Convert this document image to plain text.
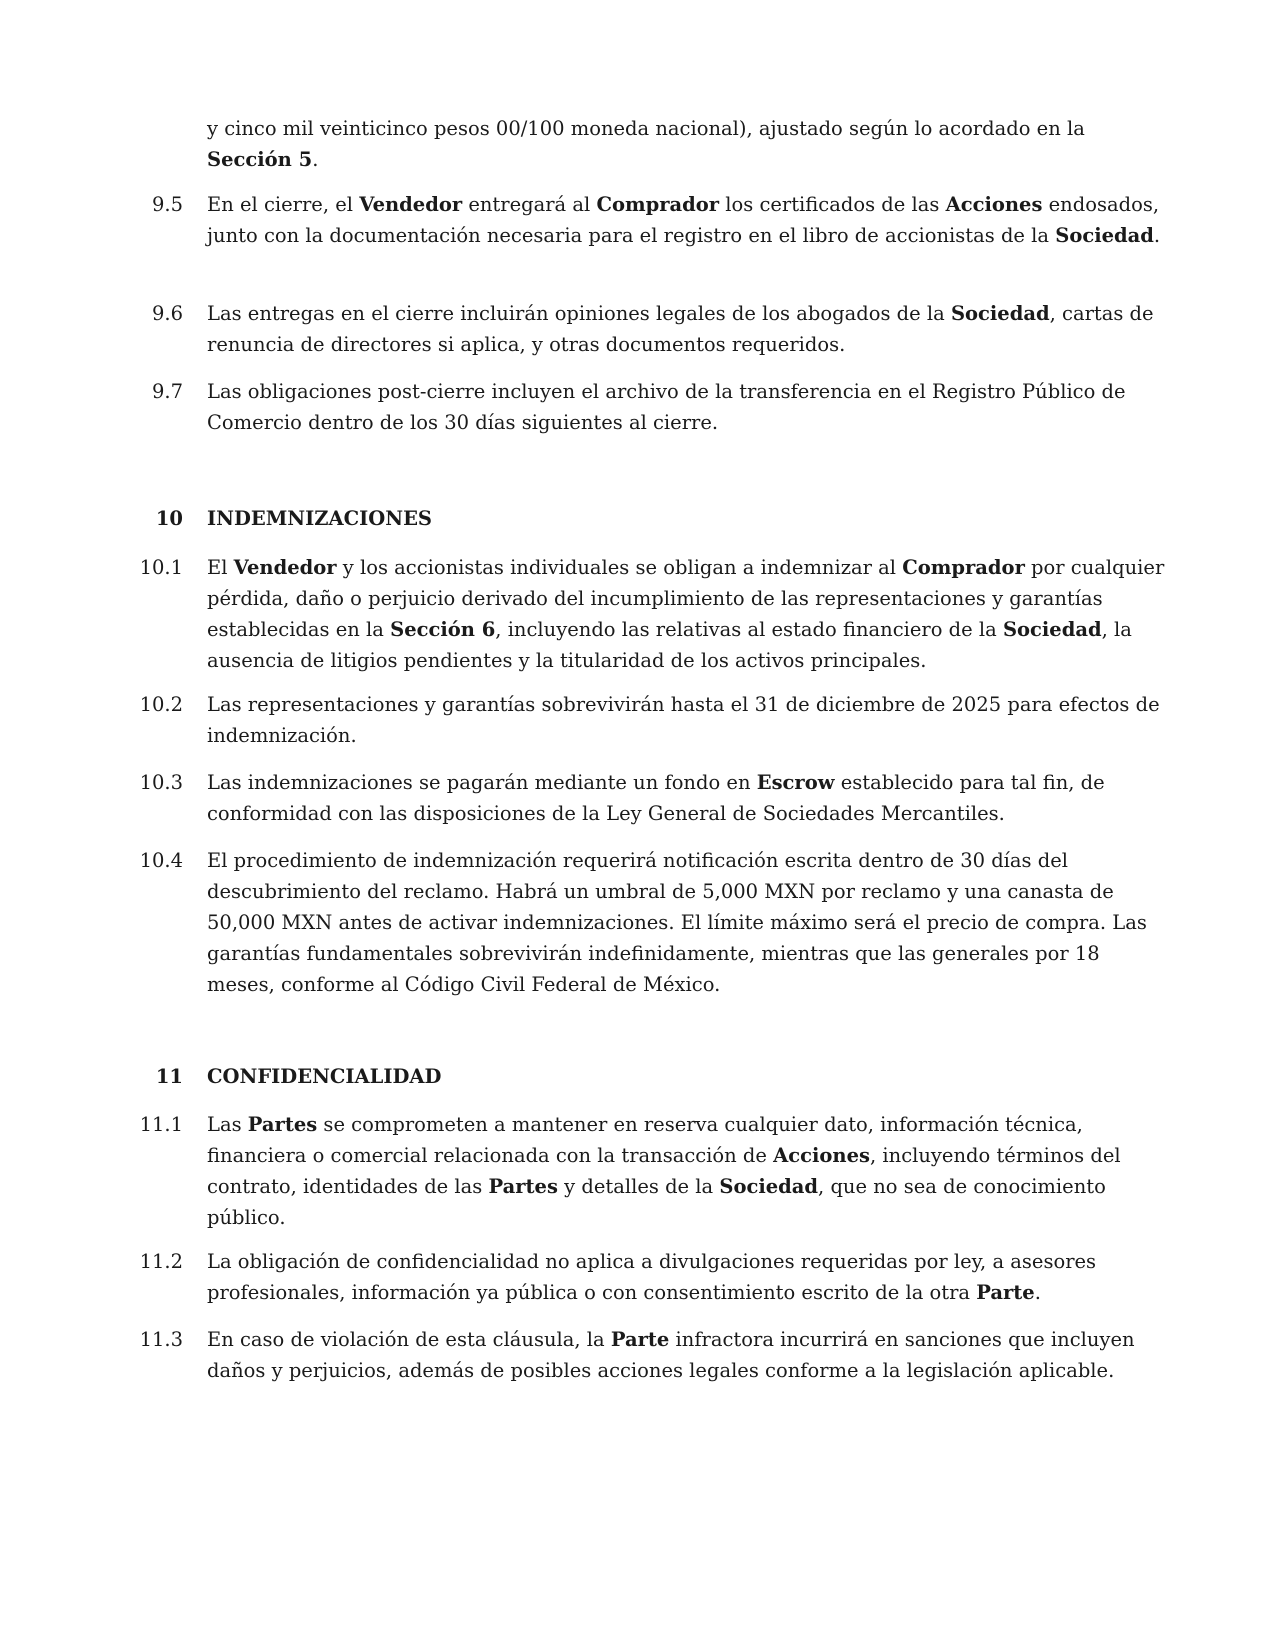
y cinco mil veinticinco pesos 00/100 moneda nacional), ajustado según lo acordado en la Sección 5.
9.5 En el cierre, el Vendedor entregará al Comprador los certificados de las Acciones endosados, junto con la documentación necesaria para el registro en el libro de accionistas de la Sociedad.
9.6 Las entregas en el cierre incluirán opiniones legales de los abogados de la Sociedad, cartas de renuncia de directores si aplica, y otras documentos requeridos.
9.7 Las obligaciones post-cierre incluyen el archivo de la transferencia en el Registro Público de Comercio dentro de los 30 días siguientes al cierre.
10 INDEMNIZACIONES
10.1 El Vendedor y los accionistas individuales se obligan a indemnizar al Comprador por cualquier pérdida, daño o perjuicio derivado del incumplimiento de las representaciones y garantías establecidas en la Sección 6, incluyendo las relativas al estado financiero de la Sociedad, la ausencia de litigios pendientes y la titularidad de los activos principales.
10.2 Las representaciones y garantías sobrevivirán hasta el 31 de diciembre de 2025 para efectos de indemnización.
10.3 Las indemnizaciones se pagarán mediante un fondo en Escrow establecido para tal fin, de conformidad con las disposiciones de la Ley General de Sociedades Mercantiles.
10.4 El procedimiento de indemnización requerirá notificación escrita dentro de 30 días del descubrimiento del reclamo. Habrá un umbral de 5,000 MXN por reclamo y una canasta de 50,000 MXN antes de activar indemnizaciones. El límite máximo será el precio de compra. Las garantías fundamentales sobrevivirán indefinidamente, mientras que las generales por 18 meses, conforme al Código Civil Federal de México.
11 CONFIDENCIALIDAD
11.1 Las Partes se comprometen a mantener en reserva cualquier dato, información técnica, financiera o comercial relacionada con la transacción de Acciones, incluyendo términos del contrato, identidades de las Partes y detalles de la Sociedad, que no sea de conocimiento público.
11.2 La obligación de confidencialidad no aplica a divulgaciones requeridas por ley, a asesores profesionales, información ya pública o con consentimiento escrito de la otra Parte.
11.3 En caso de violación de esta cláusula, la Parte infractora incurrirá en sanciones que incluyen daños y perjuicios, además de posibles acciones legales conforme a la legislación aplicable.
